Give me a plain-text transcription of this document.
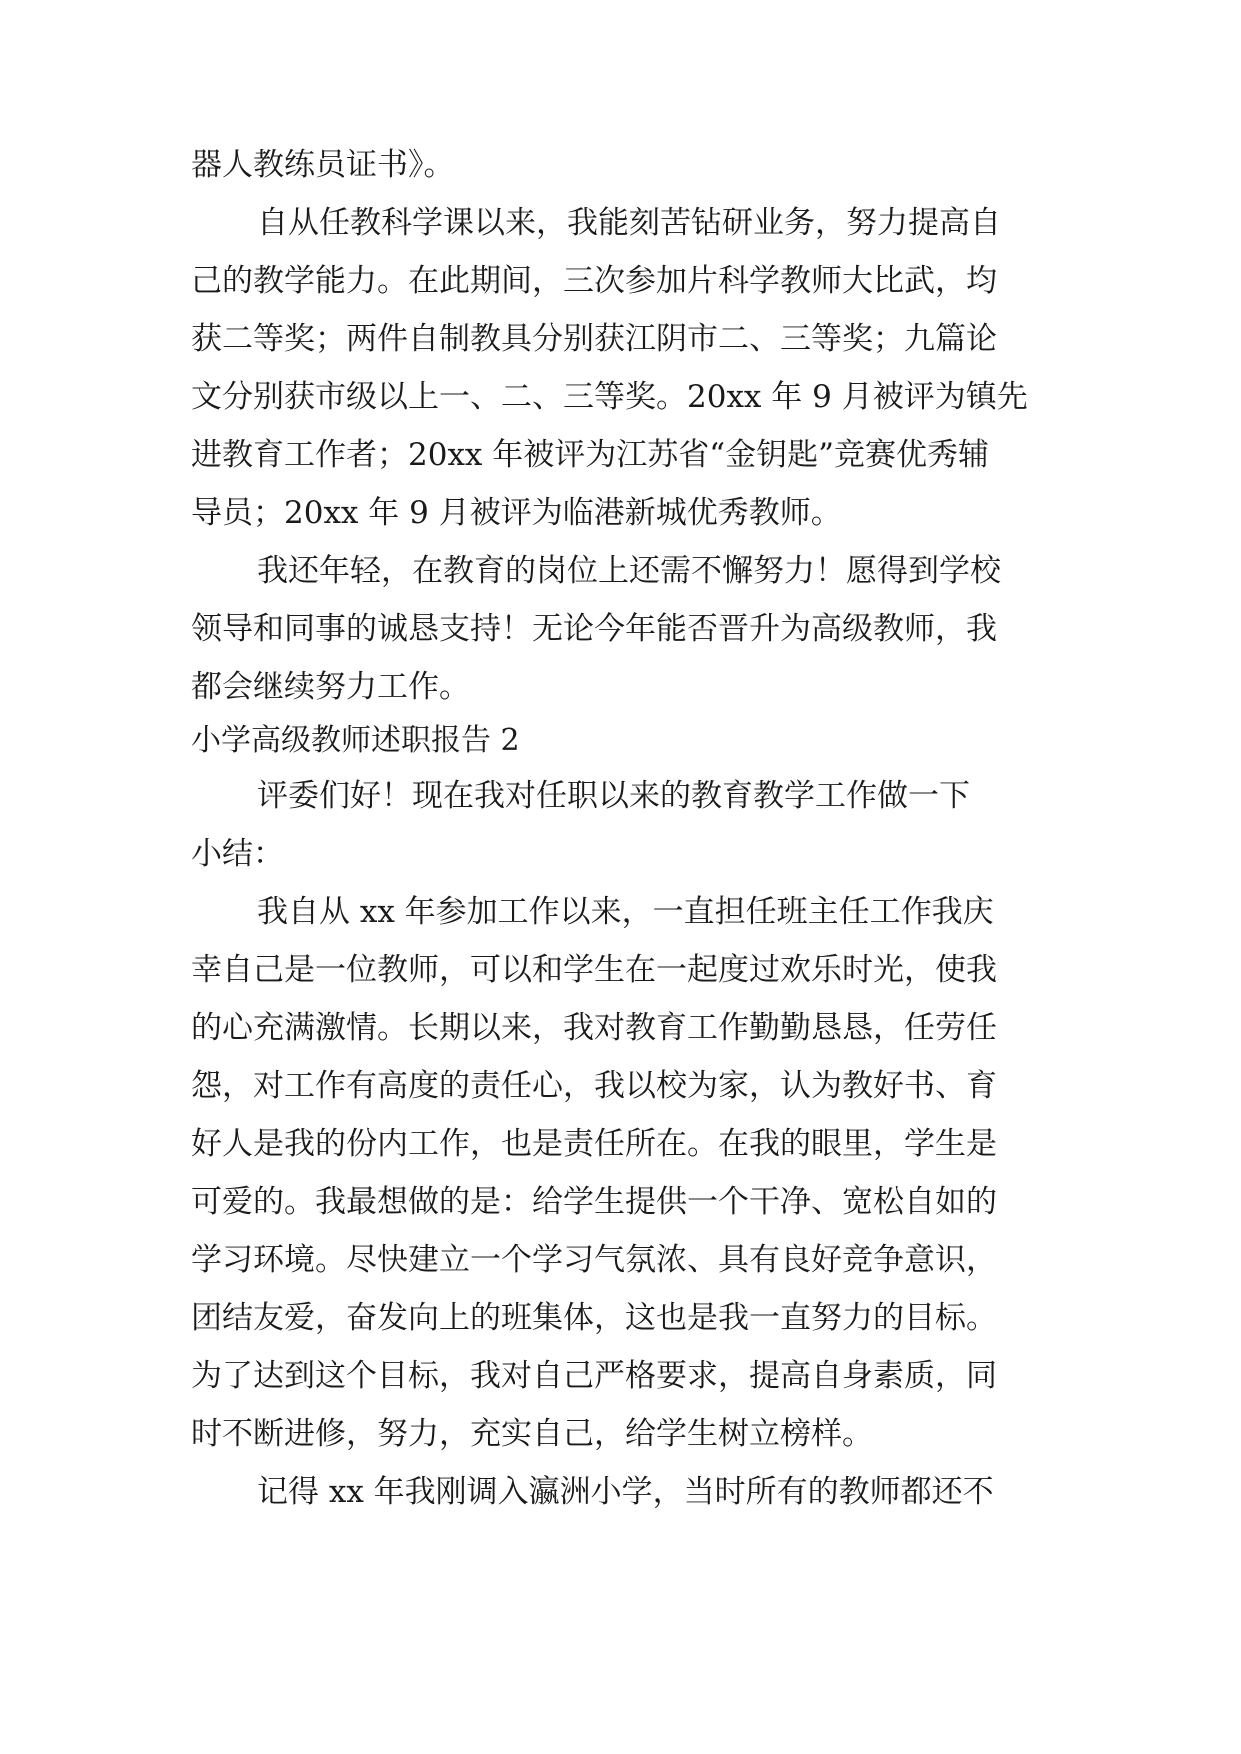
器人教练员证书》。
自从任教科学课以来，我能刻苦钻研业务，努力提高自
己的教学能力。在此期间，三次参加片科学教师大比武，均
获二等奖；两件自制教具分别获江阴市二、三等奖；九篇论
文分别获市级以上一、二、三等奖。20xx 年 9 月被评为镇先
进教育工作者；20xx 年被评为江苏省“金钥匙”竞赛优秀辅
导员；20xx 年 9 月被评为临港新城优秀教师。
我还年轻，在教育的岗位上还需不懈努力！愿得到学校
领导和同事的诚恳支持！无论今年能否晋升为高级教师，我
都会继续努力工作。
小学高级教师述职报告 2
评委们好！现在我对任职以来的教育教学工作做一下
小结：
我自从 xx 年参加工作以来，一直担任班主任工作我庆
幸自己是一位教师，可以和学生在一起度过欢乐时光，使我
的心充满激情。长期以来，我对教育工作勤勤恳恳，任劳任
怨，对工作有高度的责任心，我以校为家，认为教好书、育
好人是我的份内工作，也是责任所在。在我的眼里，学生是
可爱的。我最想做的是：给学生提供一个干净、宽松自如的
学习环境。尽快建立一个学习气氛浓、具有良好竞争意识，
团结友爱，奋发向上的班集体，这也是我一直努力的目标。
为了达到这个目标，我对自己严格要求，提高自身素质，同
时不断进修，努力，充实自己，给学生树立榜样。
记得 xx 年我刚调入瀛洲小学，当时所有的教师都还不
